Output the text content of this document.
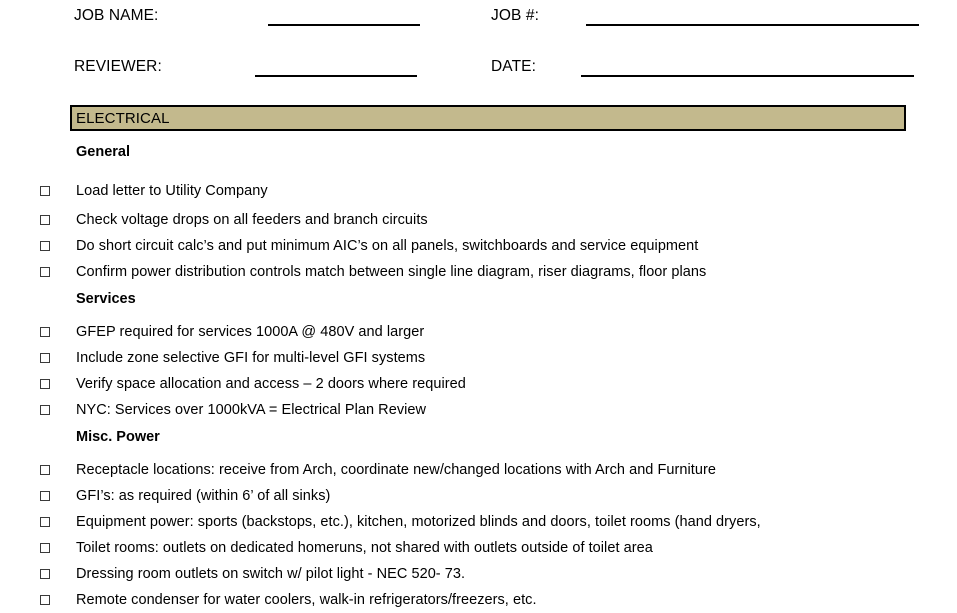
JOB NAME:	JOB #:
REVIEWER:	DATE:
ELECTRICAL
General
Load letter to Utility Company
Check voltage drops on all feeders and branch circuits
Do short circuit calc’s and put minimum AIC’s on all panels, switchboards and service equipment
Confirm power distribution controls match between single line diagram, riser diagrams, floor plans
Services
GFEP required for services 1000A @ 480V and larger
Include zone selective GFI for multi-level GFI systems
Verify space allocation and access – 2 doors where required
NYC: Services over 1000kVA = Electrical Plan Review
Misc. Power
Receptacle locations: receive from Arch, coordinate new/changed locations with Arch and Furniture
GFI’s: as required (within 6’ of all sinks)
Equipment power: sports (backstops, etc.), kitchen, motorized blinds and doors, toilet rooms (hand dryers,
Toilet rooms: outlets on dedicated homeruns, not shared with outlets outside of toilet area
Dressing room outlets on switch w/ pilot light - NEC 520- 73.
Remote condenser for water coolers, walk-in refrigerators/freezers, etc.
